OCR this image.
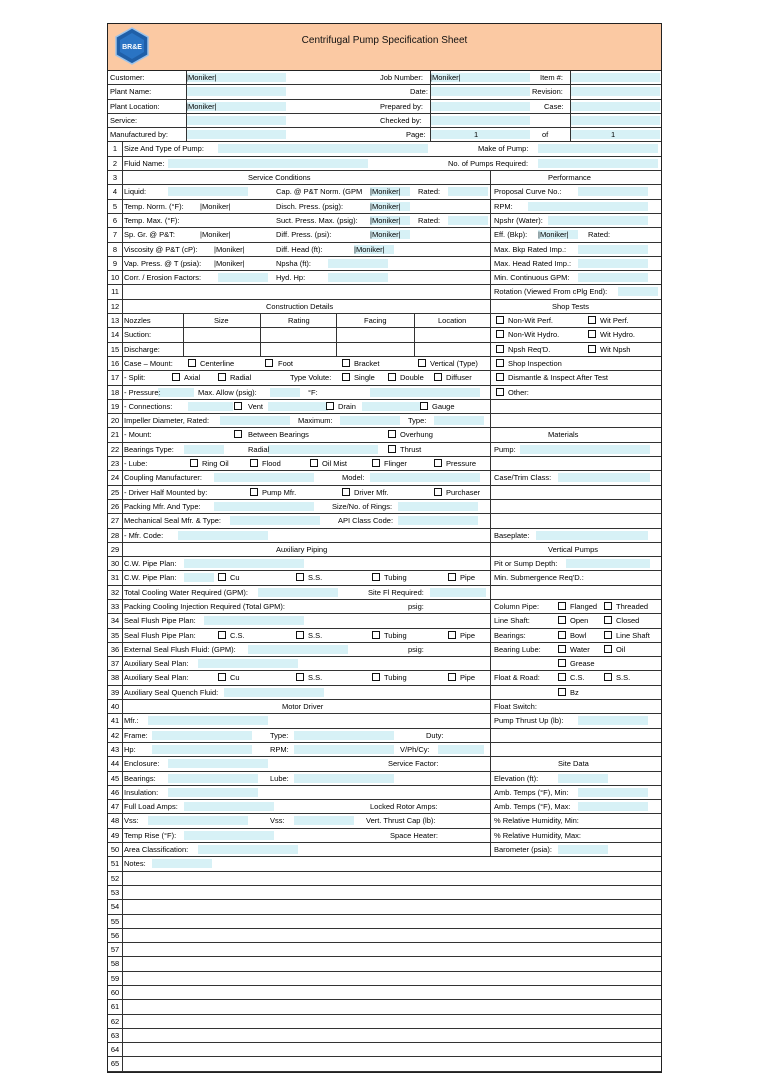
BR&E
Centrifugal Pump Specification Sheet
Customer:	|Moniker|	Job Number: |Moniker|	Item #:
Plant Name:	Date:	Revision:
Plant Location:	|Moniker|	Prepared by:	Case:
Service:	Checked by:
Manufactured by:	Page:	1	of	1
1 Size And Type of Pump:	Make of Pump:
2 Fluid Name:	No. of Pumps Required:
3	Service Conditions	Performance
4 Liquid:	Cap. @ P&T Norm. (GPM |Moniker| Rated:	Proposal Curve No.:
5 Temp. Norm. (°F): |Moniker|	Disch. Press. (psig):	|Moniker|	RPM:
6 Temp. Max. (°F):	Suct. Press. Max. (psig): |Moniker| Rated:	Npshr (Water):
7 Sp. Gr. @ P&T:	|Moniker|	Diff. Press. (psi):	|Moniker|	Eff. (Bkp): |Moniker|	Rated:
8 Viscosity @ P&T (cP): |Moniker|	Diff. Head (ft):	|Moniker|	Max. Bkp Rated Imp.:
9 Vap. Press. @ T (psia): |Moniker|	Npsha (ft):	Max. Head Rated Imp.:
10 Corr. / Erosion Factors:	Hyd. Hp:	Min. Continuous GPM:
11	Rotation (Viewed From cPlg End):
12	Construction Details	Shop Tests
13 Nozzles	Size	Rating	Facing	Location	Non-Wit Perf.	Wit Perf.
14 Suction:	Non-Wit Hydro.	Wit Hydro.
15 Discharge:	Npsh Req'D.	Wit Npsh
16 Case – Mount:	Centerline	Foot	Bracket	Vertical (Type)	Shop Inspection
17 - Split:	Axial	Radial	Type Volute:	Single	Double	Diffuser	Dismantle & Inspect After Test
18 - Pressure:	Max. Allow (psig):	°F:	Other:
19 - Connections:	Vent	Drain	Gauge
20 Impeller Diameter, Rated:	Maximum:	Type:
21 - Mount:	Between Bearings	Overhung	Materials
22 Bearings Type:	Radial	Thrust	Pump:
23 - Lube:	Ring Oil	Flood	Oil Mist	Flinger	Pressure
24 Coupling Manufacturer:	Model:	Case/Trim Class:
25 - Driver Half Mounted by:	Pump Mfr.	Driver Mfr.	Purchaser
26 Packing Mfr. And Type:	Size/No. of Rings:
27 Mechanical Seal Mfr. & Type:	API Class Code:
28 - Mfr. Code:	Baseplate:
29	Auxiliary Piping	Vertical Pumps
30 C.W. Pipe Plan:	Pit or Sump Depth:
31 C.W. Pipe Plan:	Cu	S.S.	Tubing	Pipe	Min. Submergence Req'D.:
32 Total Cooling Water Required (GPM):	Site Fl Required:
33 Packing Cooling Injection Required (Total GPM):	psig:	Column Pipe:	Flanged	Threaded
34 Seal Flush Pipe Plan:	Line Shaft:	Open	Closed
35 Seal Flush Pipe Plan:	C.S.	S.S.	Tubing	Pipe	Bearings:	Bowl	Line Shaft
36 External Seal Flush Fluid: (GPM):	psig:	Bearing Lube:	Water	Oil
37 Auxiliary Seal Plan:	Grease
38 Auxiliary Seal Plan:	Cu	S.S.	Tubing	Pipe	Float & Road:	C.S.	S.S.
39 Auxiliary Seal Quench Fluid:	Bz
40	Motor Driver	Float Switch:
41 Mfr.:	Pump Thrust Up (lb):
42 Frame:	Type:	Duty:
43 Hp:	RPM:	V/Ph/Cy:
44 Enclosure:	Service Factor:	Site Data
45 Bearings:	Lube:	Elevation (ft):
46 Insulation:	Amb. Temps (°F), Min:
47 Full Load Amps:	Locked Rotor Amps:	Amb. Temps (°F), Max:
48 Vss:	Vss:	Vert. Thrust Cap (lb):	% Relative Humidity, Min:
49 Temp Rise (°F):	Space Heater:	% Relative Humidity, Max:
50 Area Classification:	Barometer (psia):
51 Notes:
52
53
54
55
56
57
58
59
60
61
62
63
64
65
